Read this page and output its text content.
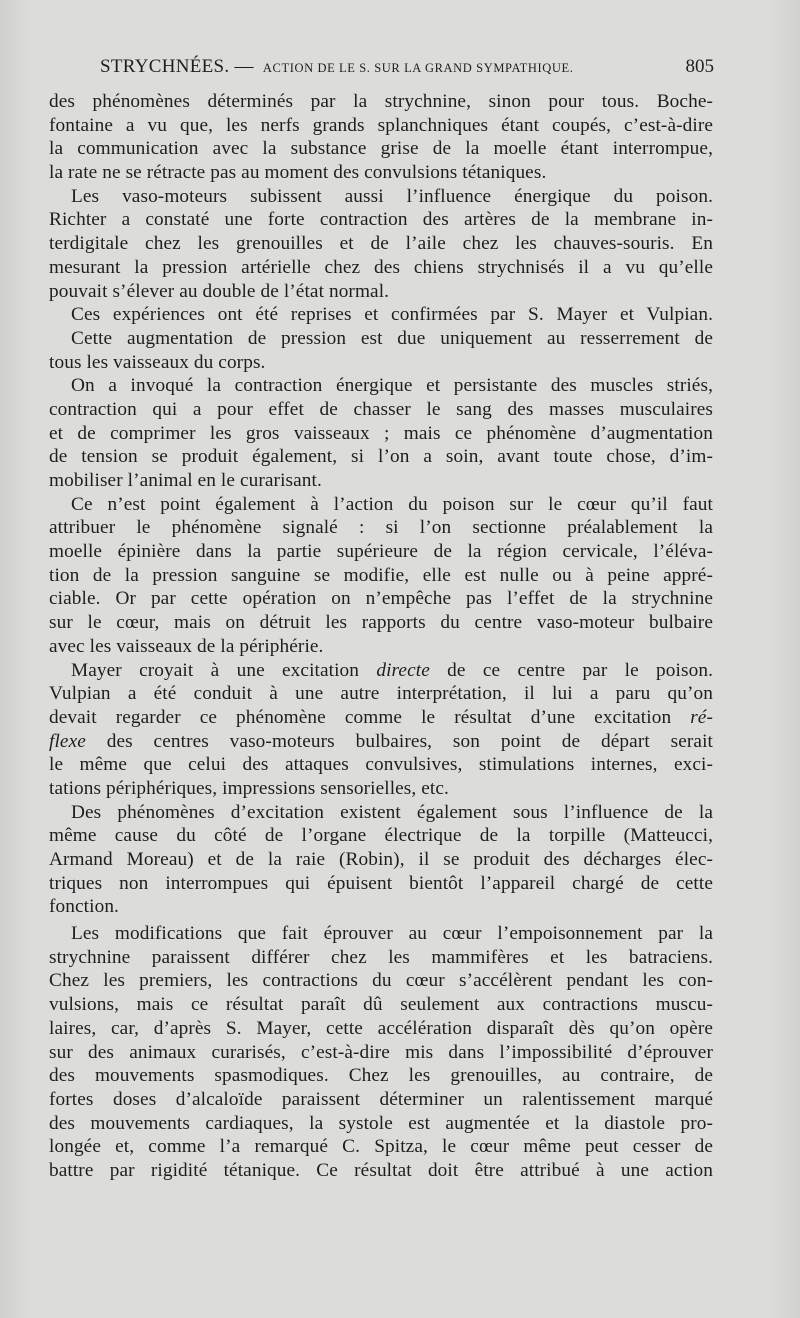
STRYCHNÉES. — ACTION DE LE S. SUR LA GRAND SYMPATHIQUE.	805
des phénomènes déterminés par la strychnine, sinon pour tous. Boche-
fontaine a vu que, les nerfs grands splanchniques étant coupés, c’est-à-dire
la communication avec la substance grise de la moelle étant interrompue,
la rate ne se rétracte pas au moment des convulsions tétaniques.
Les vaso-moteurs subissent aussi l’influence énergique du poison.
Richter a constaté une forte contraction des artères de la membrane in-
terdigitale chez les grenouilles et de l’aile chez les chauves-souris. En
mesurant la pression artérielle chez des chiens strychnisés il a vu qu’elle
pouvait s’élever au double de l’état normal.
Ces expériences ont été reprises et confirmées par S. Mayer et Vulpian.
Cette augmentation de pression est due uniquement au resserrement de
tous les vaisseaux du corps.
On a invoqué la contraction énergique et persistante des muscles striés,
contraction qui a pour effet de chasser le sang des masses musculaires
et de comprimer les gros vaisseaux ; mais ce phénomène d’augmentation
de tension se produit également, si l’on a soin, avant toute chose, d’im-
mobiliser l’animal en le curarisant.
Ce n’est point également à l’action du poison sur le cœur qu’il faut
attribuer le phénomène signalé : si l’on sectionne préalablement la
moelle épinière dans la partie supérieure de la région cervicale, l’éléva-
tion de la pression sanguine se modifie, elle est nulle ou à peine appré-
ciable. Or par cette opération on n’empêche pas l’effet de la strychnine
sur le cœur, mais on détruit les rapports du centre vaso-moteur bulbaire
avec les vaisseaux de la périphérie.
Mayer croyait à une excitation directe de ce centre par le poison.
Vulpian a été conduit à une autre interprétation, il lui a paru qu’on
devait regarder ce phénomène comme le résultat d’une excitation ré-
flexe des centres vaso-moteurs bulbaires, son point de départ serait
le même que celui des attaques convulsives, stimulations internes, exci-
tations périphériques, impressions sensorielles, etc.
Des phénomènes d’excitation existent également sous l’influence de la
même cause du côté de l’organe électrique de la torpille (Matteucci,
Armand Moreau) et de la raie (Robin), il se produit des décharges élec-
triques non interrompues qui épuisent bientôt l’appareil chargé de cette
fonction.
Les modifications que fait éprouver au cœur l’empoisonnement par la
strychnine paraissent différer chez les mammifères et les batraciens.
Chez les premiers, les contractions du cœur s’accélèrent pendant les con-
vulsions, mais ce résultat paraît dû seulement aux contractions muscu-
laires, car, d’après S. Mayer, cette accélération disparaît dès qu’on opère
sur des animaux curarisés, c’est-à-dire mis dans l’impossibilité d’éprouver
des mouvements spasmodiques. Chez les grenouilles, au contraire, de
fortes doses d’alcaloïde paraissent déterminer un ralentissement marqué
des mouvements cardiaques, la systole est augmentée et la diastole pro-
longée et, comme l’a remarqué C. Spitza, le cœur même peut cesser de
battre par rigidité tétanique. Ce résultat doit être attribué à une action
